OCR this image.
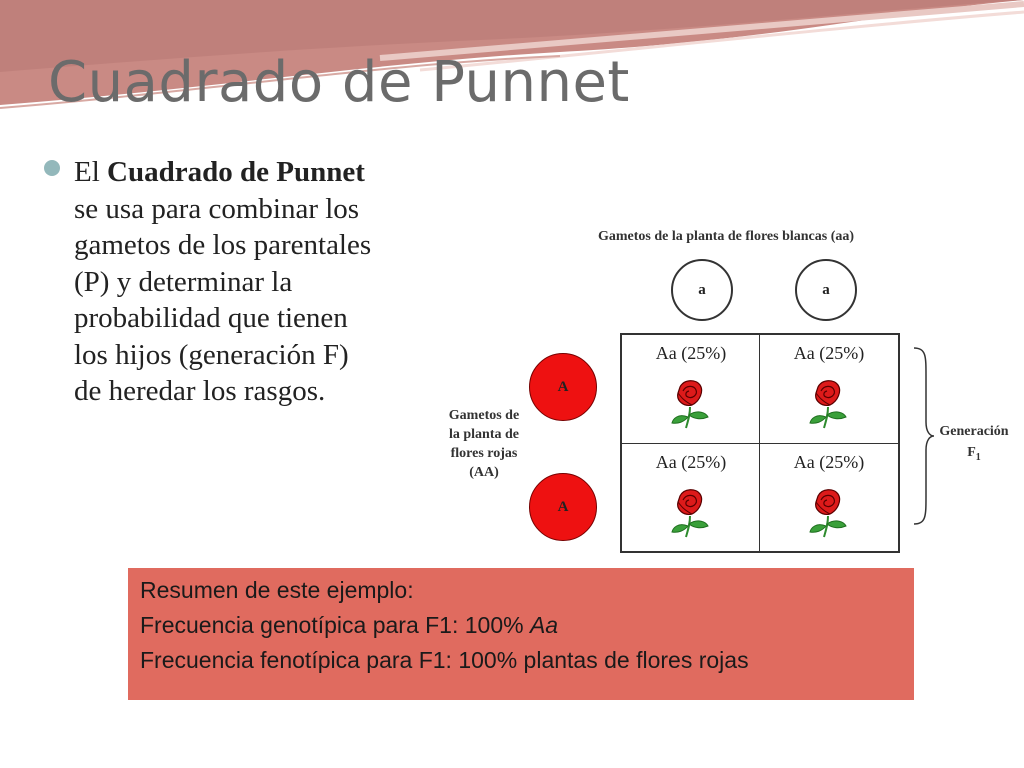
Cuadrado de Punnet
El Cuadrado de Punnet se usa para combinar los gametos de los parentales (P) y determinar la probabilidad que tienen los hijos (generación F) de heredar los rasgos.
Gametos de la planta de flores blancas (aa)
a	a
A
A
Gametos de
la planta de
flores rojas
(AA)
Aa (25%)	Aa (25%)
Aa (25%)	Aa (25%)
Generación
$F_1$
Resumen de este ejemplo:
Frecuencia genotípica para F1: 100% Aa
Frecuencia fenotípica para F1: 100% plantas de flores rojas
